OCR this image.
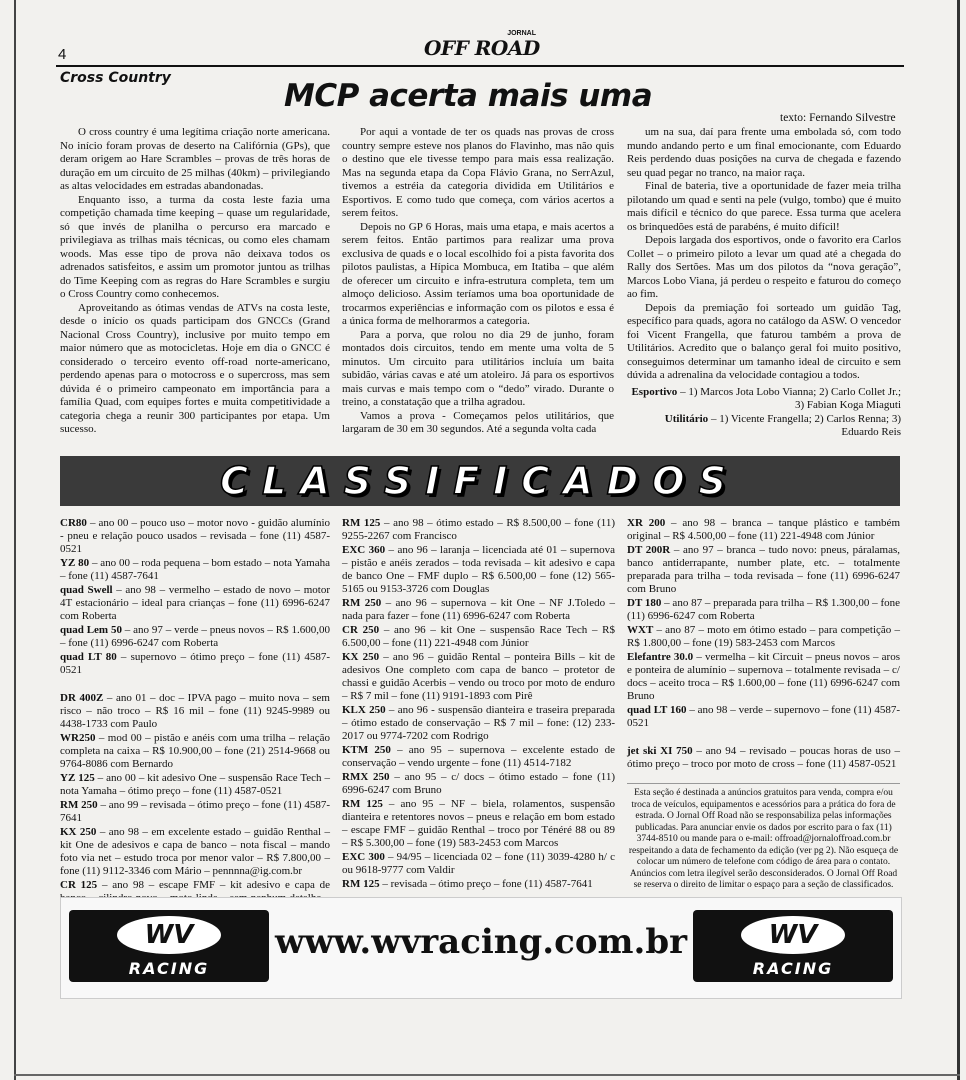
4
JORNAL
OFF ROAD
Cross Country	MCP acerta mais uma
texto: Fernando Silvestre

O cross country é uma legítima criação norte americana. No início foram provas de deserto na Califórnia (GPs), que deram origem ao Hare Scrambles – provas de três horas de duração em um circuito de 25 milhas (40km) – privilegiando as altas velocidades em estradas abandonadas.

Enquanto isso, a turma da costa leste fazia uma competição chamada time keeping – quase um regularidade, só que invés de planilha o percurso era marcado e privilegiava as trilhas mais técnicas, ou como eles chamam woods. Mas esse tipo de prova não deixava todos os adrenados satisfeitos, e assim um promotor juntou as trilhas do Time Keeping com as regras do Hare Scrambles e surgiu o Cross Country como conhecemos.

Aproveitando as ótimas vendas de ATVs na costa leste, desde o início os quads participam dos GNCCs (Grand Nacional Cross Country), inclusive por muito tempo em maior número que as motocicletas. Hoje em dia o GNCC é considerado o terceiro evento off-road norte-americano, perdendo apenas para o motocross e o supercross, mas sem dúvida é o primeiro campeonato em importância para a família Quad, com equipes fortes e muita competitividade a categoria chega a reunir 300 participantes por etapa. Um sucesso.

Por aqui a vontade de ter os quads nas provas de cross country sempre esteve nos planos do Flavinho, mas não quis o destino que ele tivesse tempo para mais essa realização. Mas na segunda etapa da Copa Flávio Grana, no SerrAzul, tivemos a estréia da categoria dividida em Utilitários e Esportivos. E como tudo que começa, com vários acertos a serem feitos.

Depois no GP 6 Horas, mais uma etapa, e mais acertos a serem feitos. Então partimos para realizar uma prova exclusiva de quads e o local escolhido foi a pista favorita dos pilotos paulistas, a Hípica Mombuca, em Itatiba – que além de oferecer um circuito e infra-estrutura completa, tem um almoço delicioso. Assim teríamos uma boa oportunidade de trocarmos experiências e informação com os pilotos e essa é a única forma de melhorarmos a categoria.

Para a porva, que rolou no dia 29 de junho, foram montados dois circuitos, tendo em mente uma volta de 5 minutos. Um circuito para utilitários incluía um baita subidão, várias cavas e até um atoleiro. Já para os esportivos mais curvas e mais tempo com o “dedo” virado. Durante o treino, a constatação que a trilha agradou.

Vamos a prova - Começamos pelos utilitários, que largaram de 30 em 30 segundos. Até a segunda volta cada

um na sua, daí para frente uma embolada só, com todo mundo andando perto e um final emocionante, com Eduardo Reis perdendo duas posições na curva de chegada e fazendo seu quad pegar no tranco, na maior raça.

Final de bateria, tive a oportunidade de fazer meia trilha pilotando um quad e senti na pele (vulgo, tombo) que é muito mais difícil e técnico do que parece. Essa turma que acelera os brinquedões está de parabéns, é muito difícil!

Depois largada dos esportivos, onde o favorito era Carlos Collet – o primeiro piloto a levar um quad até a chegada do Rally dos Sertões. Mas um dos pilotos da “nova geração”, Marcos Lobo Viana, já perdeu o respeito e faturou do começo ao fim.

Depois da premiação foi sorteado um guidão Tag, específico para quads, agora no catálogo da ASW. O vencedor foi Vicent Frangella, que faturou também a prova de Utilitários. Acredito que o balanço geral foi muito positivo, conseguimos determinar um tamanho ideal de circuito e sem dúvida a adrenalina da velocidade contagiou a todos.

Esportivo – 1) Marcos Jota Lobo Vianna; 2) Carlo Collet Jr.; 3) Fabian Koga Miaguti
Utilitário – 1) Vicente Frangella; 2) Carlos Renna; 3) Eduardo Reis
CLASSIFICADOS
CR80 – ano 00 – pouco uso – motor novo - guidão alumínio - pneu e relação pouco usados – revisada – fone (11) 4587-0521
YZ 80 – ano 00 – roda pequena – bom estado – nota Yamaha – fone (11) 4587-7641
quad Swell – ano 98 – vermelho – estado de novo – motor 4T estacionário – ideal para crianças – fone (11) 6996-6247 com Roberta
quad Lem 50 – ano 97 – verde – pneus novos – R$ 1.600,00 – fone (11) 6996-6247 com Roberta
quad LT 80 – supernovo – ótimo preço – fone (11) 4587-0521
DR 400Z – ano 01 – doc – IPVA pago – muito nova – sem risco – não troco – R$ 16 mil – fone (11) 9245-9989 ou 4438-1733 com Paulo
WR250 – mod 00 – pistão e anéis com uma trilha – relação completa na caixa – R$ 10.900,00 – fone (21) 2514-9668 ou 9764-8086 com Bernardo
YZ 125 – ano 00 – kit adesivo One – suspensão Race Tech – nota Yamaha – ótimo preço – fone (11) 4587-0521
RM 250 – ano 99 – revisada – ótimo preço – fone (11) 4587-7641
KX 250 – ano 98 – em excelente estado – guidão Renthal – kit One de adesivos e capa de banco – nota fiscal – mando foto via net – estudo troca por menor valor – R$ 7.800,00 – fone (11) 9112-3346 com Mário – pennnna@ig.com.br
CR 125 – ano 98 – escape FMF – kit adesivo e capa de
RM 125 – ano 98 – ótimo estado – R$ 8.500,00 – fone (11) 9255-2267 com Francisco
EXC 360 – ano 96 – laranja – licenciada até 01 – supernova – pistão e anéis zerados – toda revisada – kit adesivo e capa de banco One – FMF duplo – R$ 6.500,00 – fone (12) 565-5165 ou 9153-3726 com Douglas
RM 250 – ano 96 – supernova – kit One – NF J.Toledo – nada para fazer – fone (11) 6996-6247 com Roberta
CR 250 – ano 96 – kit One – suspensão Race Tech – R$ 6.500,00 – fone (11) 221-4948 com Júnior
KX 250 – ano 96 – guidão Rental – ponteira Bills – kit de adesivos One completo com capa de banco – protetor de chassi e guidão Acerbis – vendo ou troco por moto de enduro – R$ 7 mil – fone (11) 9191-1893 com Pirê
KLX 250 – ano 96 - suspensão dianteira e traseira preparada – ótimo estado de conservação – R$ 7 mil – fone: (12) 233-2017 ou 9774-7202 com Rodrigo
KTM 250 – ano 95 – supernova – excelente estado de conservação – vendo urgente – fone (11) 4514-7182
RMX 250 – ano 95 – c/ docs – ótimo estado – fone (11) 6996-6247 com Bruno
RM 125 – ano 95 – NF – biela, rolamentos, suspensão dianteira e retentores novos – pneus e relação em bom estado – escape FMF – guidão Renthal – troco por Ténéré 88 ou 89 – R$ 5.300,00 – fone (19) 583-2453 com Marcos
EXC 300 – 94/95 – licenciada 02 – fone (11) 3039-4280 h/ c ou 9618-9777 com Valdir
RM 125 – revisada – ótimo preço – fone (11) 4587-7641
XR 200 – ano 98 – branca – tanque plástico e também original – R$ 4.500,00 – fone (11) 221-4948 com Júnior
DT 200R – ano 97 – branca – tudo novo: pneus, páralamas, banco antiderrapante, number plate, etc. – totalmente preparada para trilha – toda revisada – fone (11) 6996-6247 com Bruno
DT 180 – ano 87 – preparada para trilha – R$ 1.300,00 – fone (11) 6996-6247 com Roberta
WXT – ano 87 – moto em ótimo estado – para competição – R$ 1.800,00 – fone (19) 583-2453 com Marcos
Elefantre 30.0 – vermelha – kit Circuit – pneus novos – aros e ponteira de alumínio – supernova – totalmente revisada – c/ docs – aceito troca – R$ 1.600,00 – fone (11) 6996-6247 com Bruno
quad LT 160 – ano 98 – verde – supernovo – fone (11) 4587-0521
jet ski XI 750 – ano 94 – revisado – poucas horas de uso – ótimo preço – troco por moto de cross – fone (11) 4587-0521
Esta seção é destinada a anúncios gratuitos para venda, compra e/ou troca de veículos, equipamentos e acessórios para a prática do fora de estrada. O Jornal Off Road não se responsabiliza pelas informações publicadas. Para anunciar envie os dados por escrito para o fax (11) 3744-8510 ou mande para o e-mail: offroad@jornaloffroad.com.br respeitando a data de fechamento da edição (ver pg 2). Não esqueça de colocar um número de telefone com código de área para o contato. Anúncios com letra ilegível serão desconsiderados. O Jornal Off Road se reserva o direito de limitar o espaço para a seção de classificados.
WV
RACING
www.wvracing.com.br	WV
RACING
